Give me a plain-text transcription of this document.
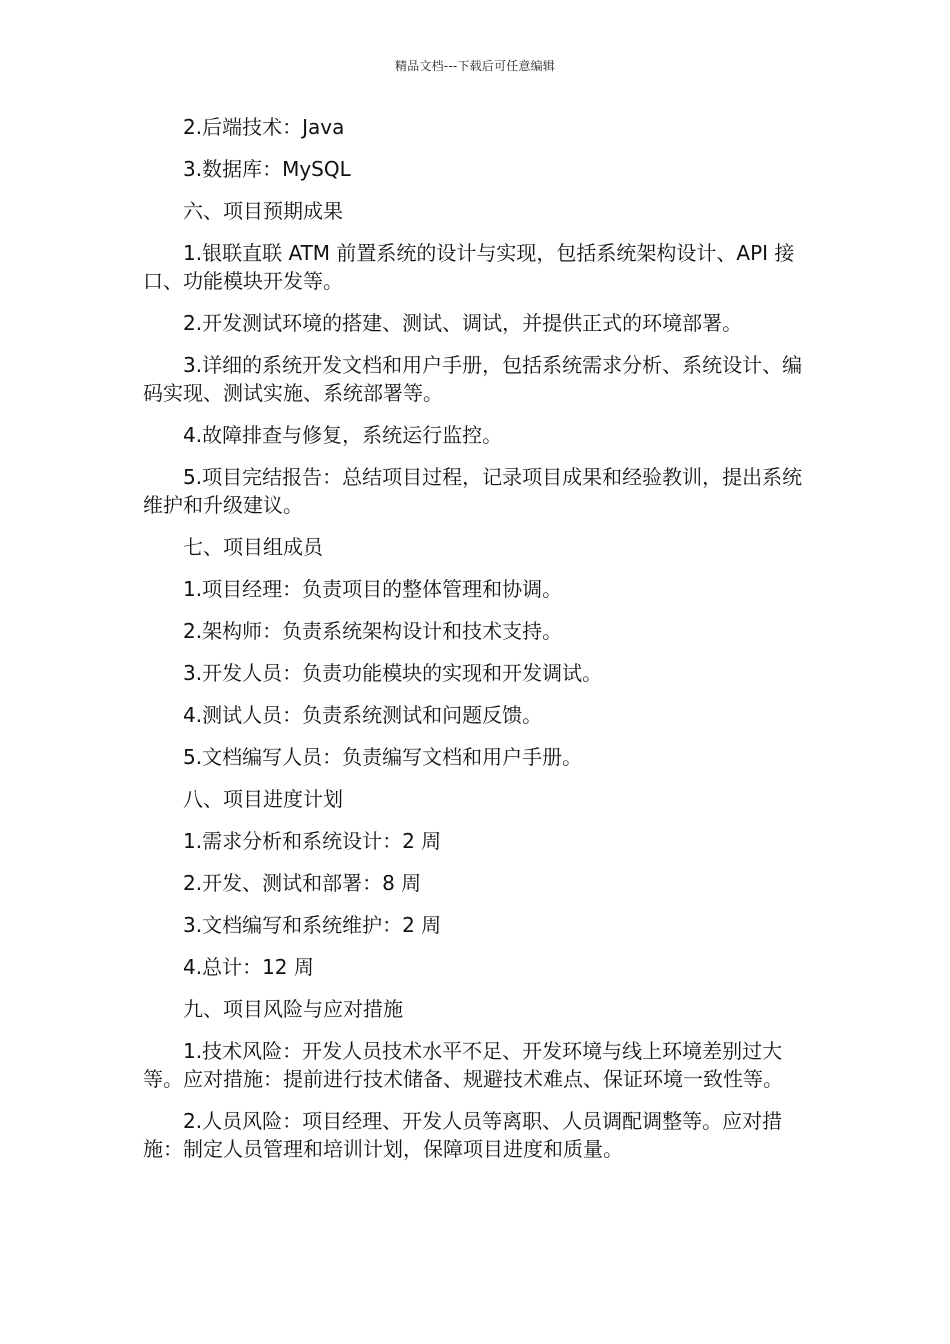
精品文档---下载后可任意编辑

2.后端技术：Java

3.数据库：MySQL

六、项目预期成果

1.银联直联 ATM 前置系统的设计与实现，包括系统架构设计、API 接口、功能模块开发等。

2.开发测试环境的搭建、测试、调试，并提供正式的环境部署。

3.详细的系统开发文档和用户手册，包括系统需求分析、系统设计、编码实现、测试实施、系统部署等。

4.故障排查与修复，系统运行监控。

5.项目完结报告：总结项目过程，记录项目成果和经验教训，提出系统维护和升级建议。

七、项目组成员

1.项目经理：负责项目的整体管理和协调。

2.架构师：负责系统架构设计和技术支持。

3.开发人员：负责功能模块的实现和开发调试。

4.测试人员：负责系统测试和问题反馈。

5.文档编写人员：负责编写文档和用户手册。

八、项目进度计划

1.需求分析和系统设计：2 周

2.开发、测试和部署：8 周

3.文档编写和系统维护：2 周

4.总计：12 周

九、项目风险与应对措施

1.技术风险：开发人员技术水平不足、开发环境与线上环境差别过大等。应对措施：提前进行技术储备、规避技术难点、保证环境一致性等。

2.人员风险：项目经理、开发人员等离职、人员调配调整等。应对措施：制定人员管理和培训计划，保障项目进度和质量。
